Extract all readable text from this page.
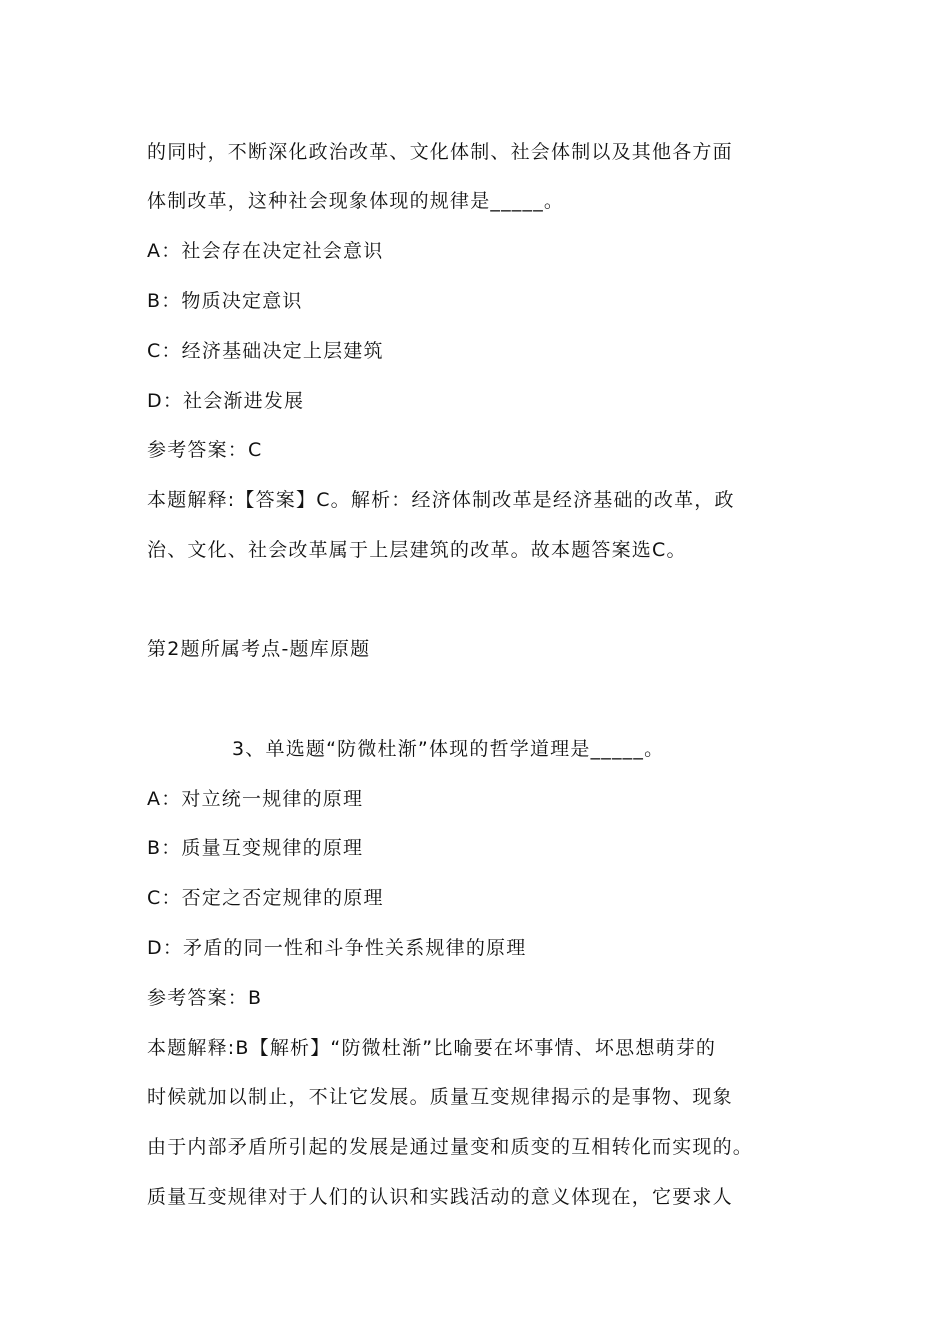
的同时，不断深化政治改革、文化体制、社会体制以及其他各方面
体制改革，这种社会现象体现的规律是_____。
A：社会存在决定社会意识
B：物质决定意识
C：经济基础决定上层建筑
D：社会渐进发展
参考答案：C
本题解释:【答案】C。解析：经济体制改革是经济基础的改革，政
治、文化、社会改革属于上层建筑的改革。故本题答案选C。
第2题所属考点-题库原题
3、单选题“防微杜渐”体现的哲学道理是_____。
A：对立统一规律的原理
B：质量互变规律的原理
C：否定之否定规律的原理
D：矛盾的同一性和斗争性关系规律的原理
参考答案：B
本题解释:B【解析】“防微杜渐”比喻要在坏事情、坏思想萌芽的
时候就加以制止，不让它发展。质量互变规律揭示的是事物、现象
由于内部矛盾所引起的发展是通过量变和质变的互相转化而实现的。
质量互变规律对于人们的认识和实践活动的意义体现在，它要求人
